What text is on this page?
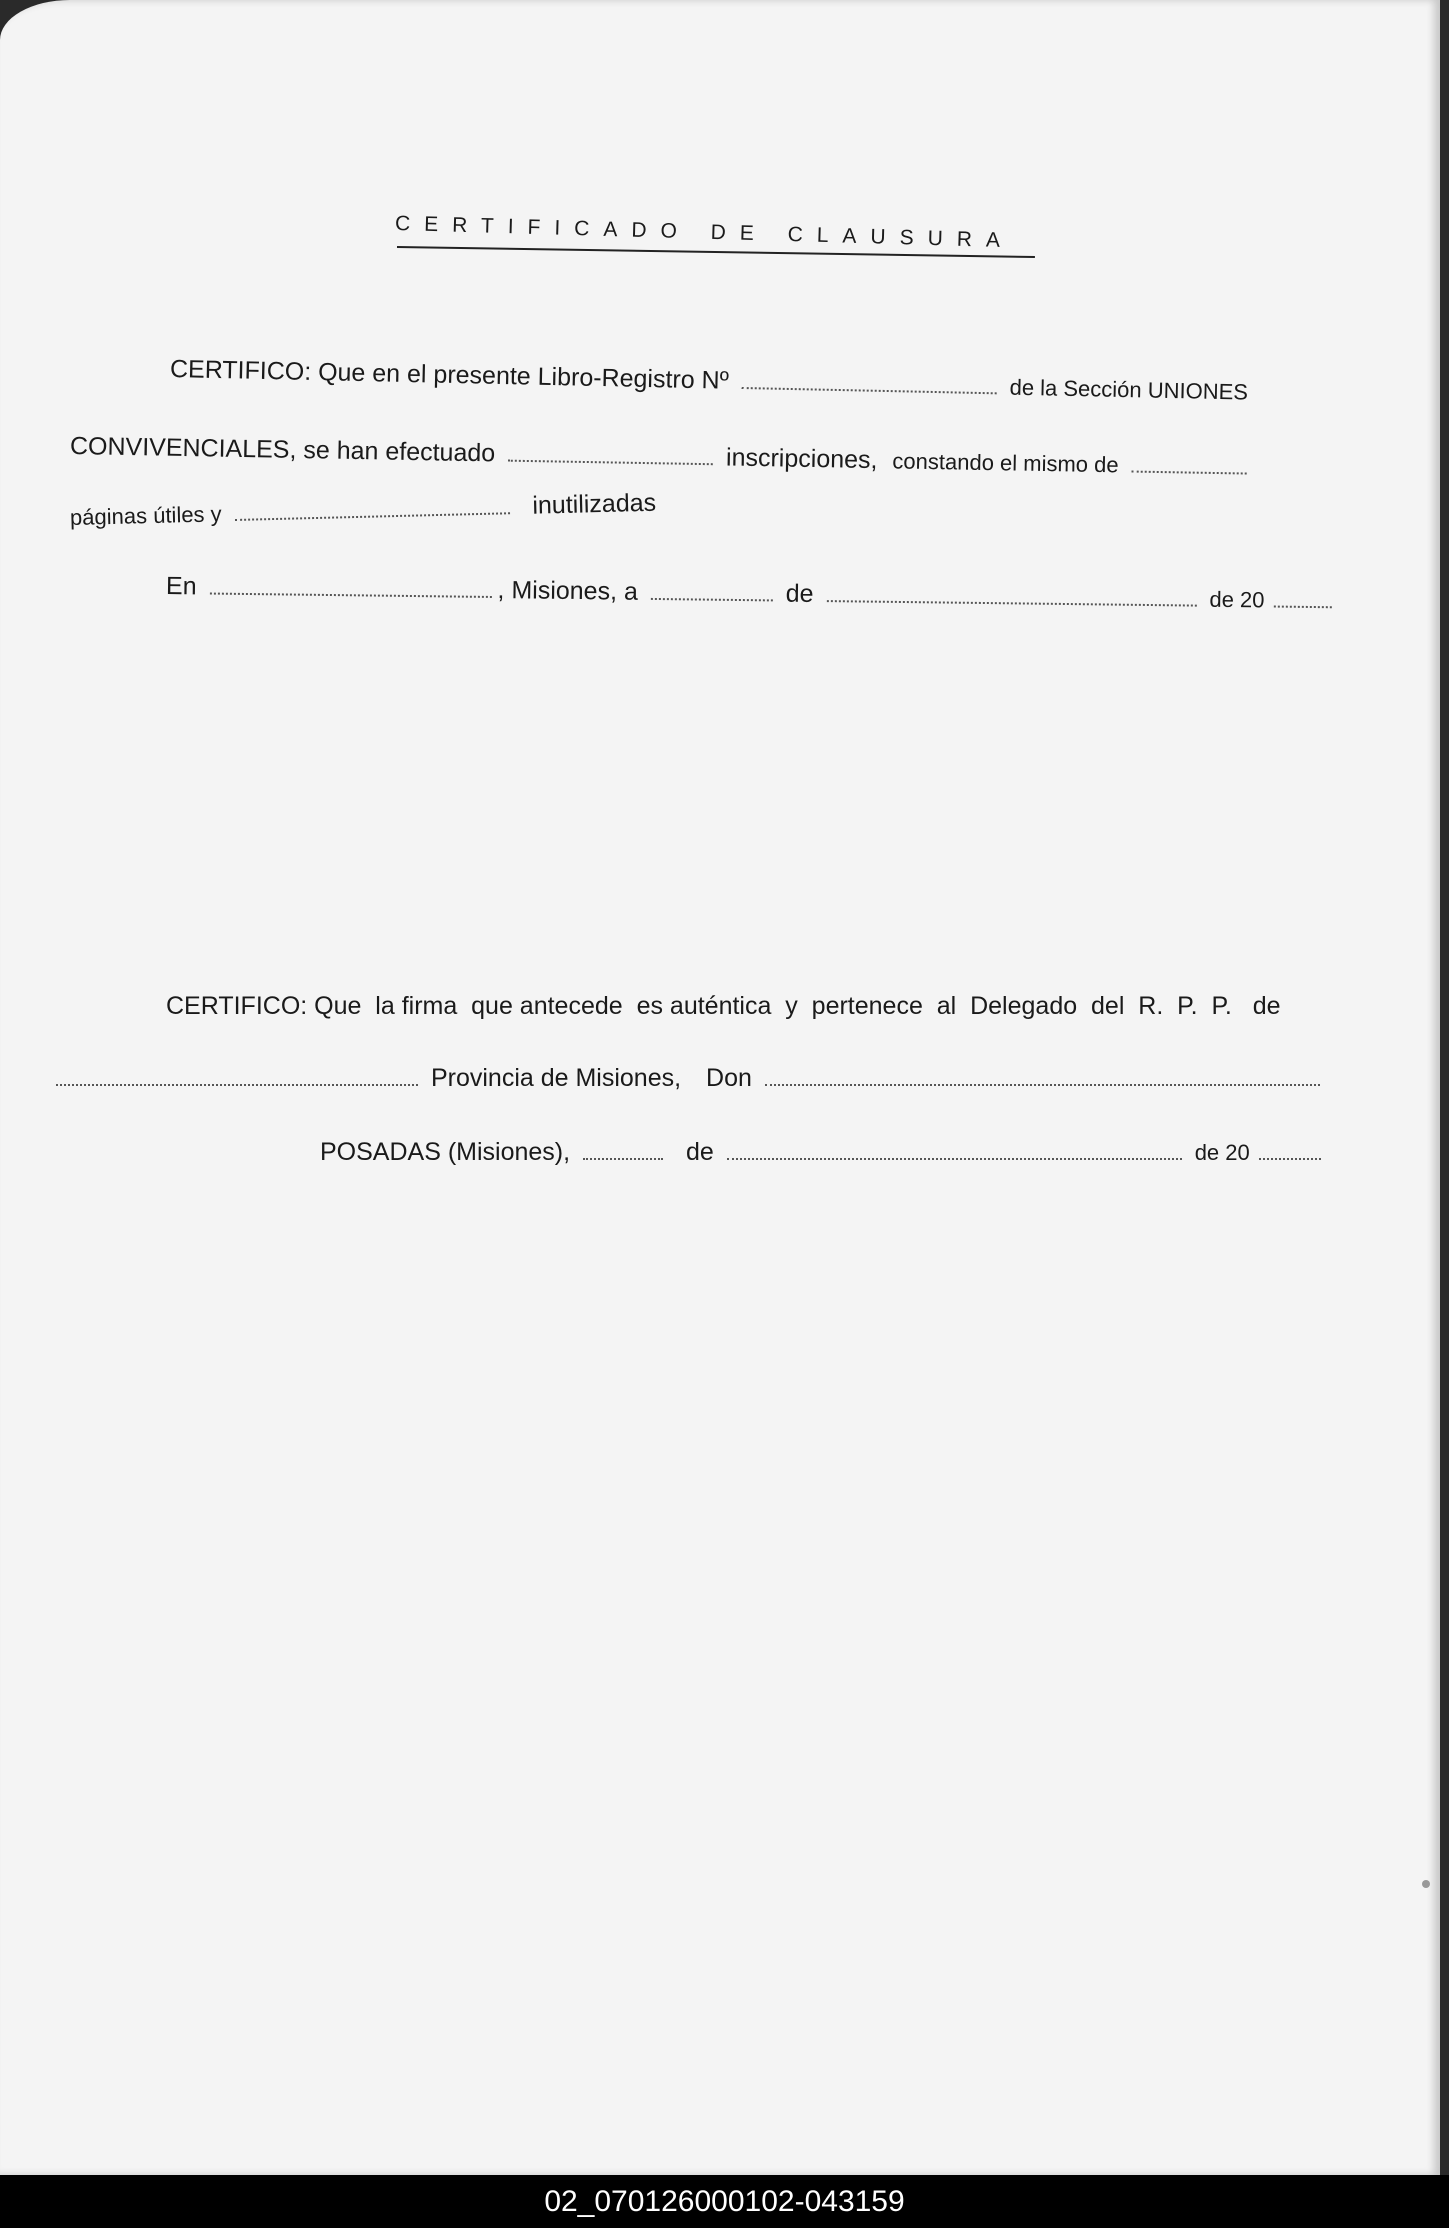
CERTIFICADO DE CLAUSURA
CERTIFICO: Que en el presente Libro-Registro Nº	de la Sección UNIONES
CONVIVENCIALES, se han efectuado	inscripciones, constando el mismo de
páginas útiles y	inutilizadas
En	, Misiones, a	de	de 20
CERTIFICO: Que  la firma  que antecede  es auténtica  y  pertenece  al  Delegado  del  R.  P.  P.   de
Provincia de Misiones, Don
POSADAS (Misiones),	de	de 20
02_070126000102-043159
